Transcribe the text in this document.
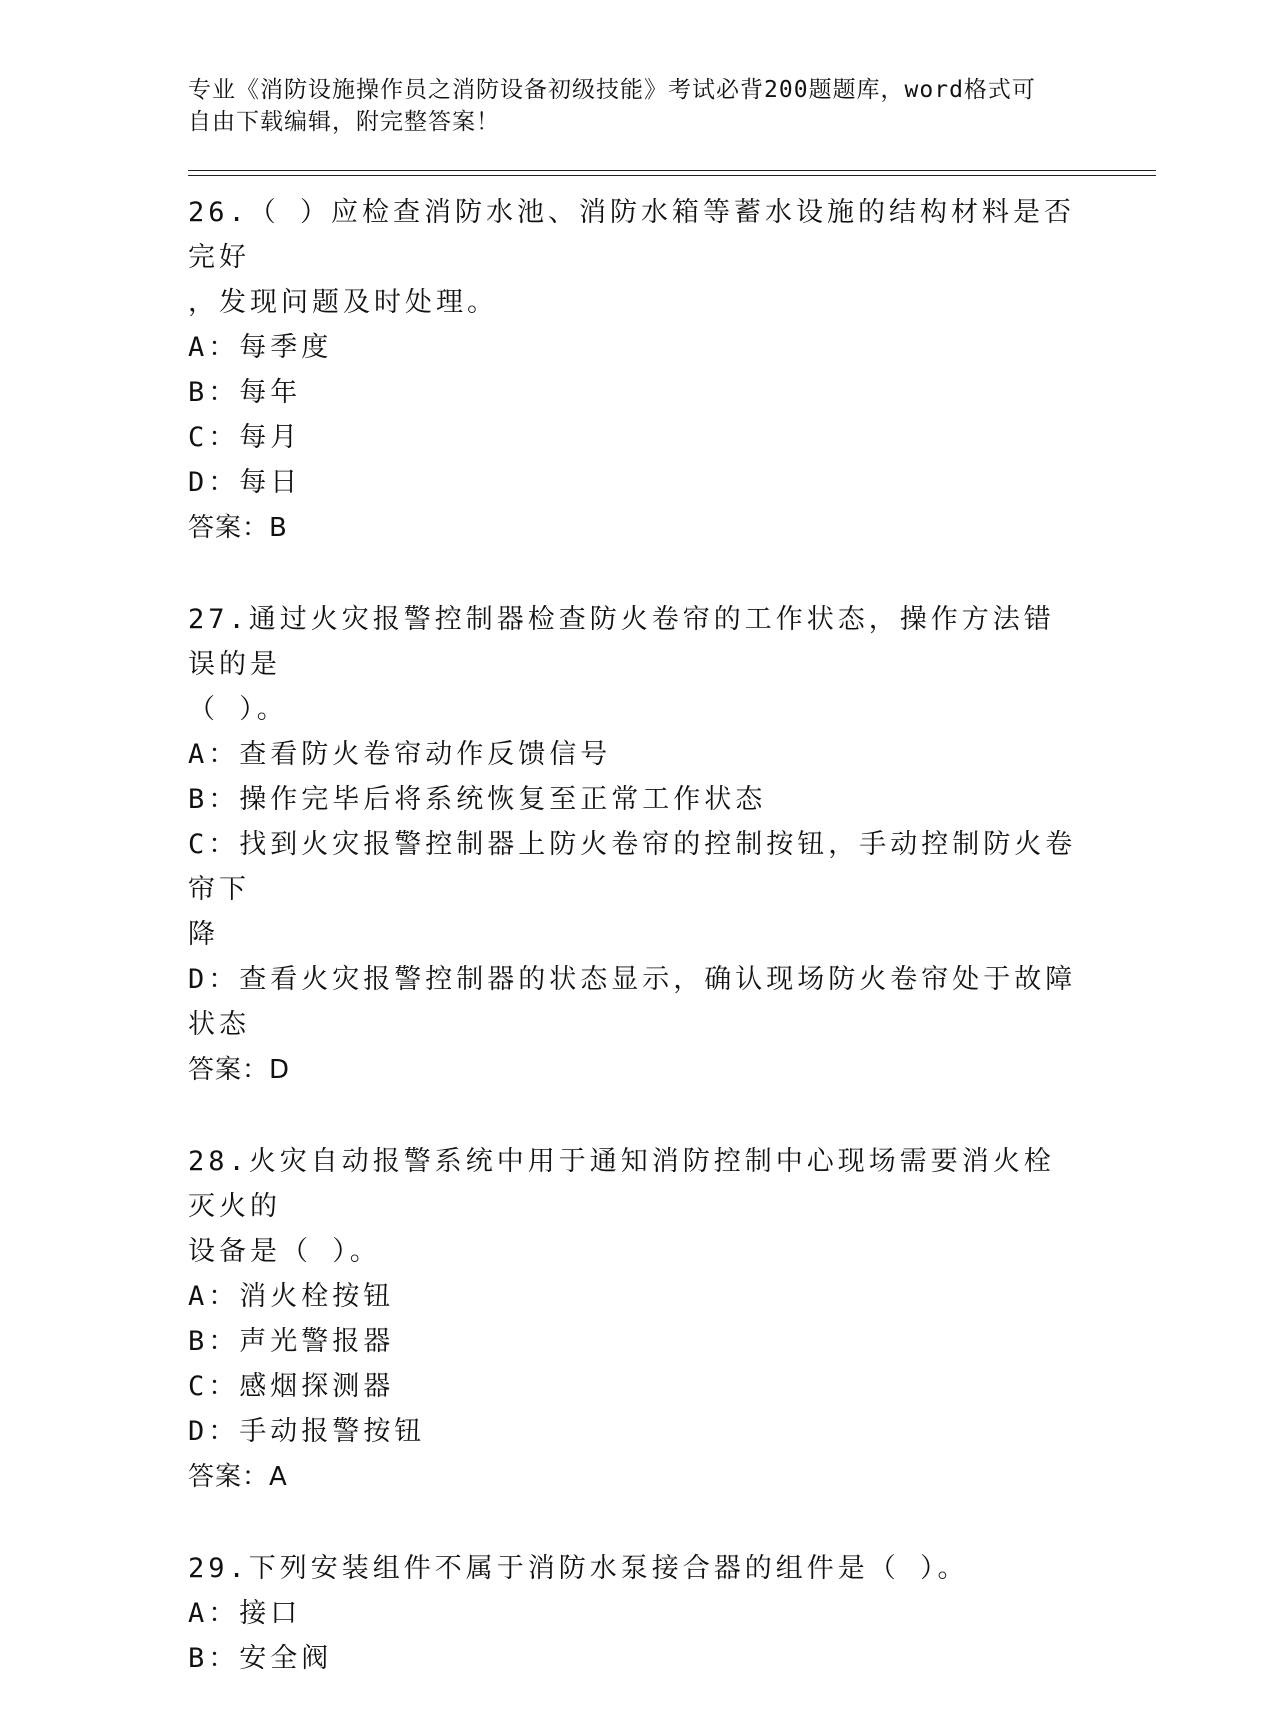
专业《消防设施操作员之消防设备初级技能》考试必背200题题库，word格式可
自由下载编辑，附完整答案！

26.（ ）应检查消防水池、消防水箱等蓄水设施的结构材料是否完好

，发现问题及时处理。

A：每季度

B：每年

C：每月

D：每日

答案：B

27.通过火灾报警控制器检查防火卷帘的工作状态，操作方法错误的是

（ ）。

A：查看防火卷帘动作反馈信号

B：操作完毕后将系统恢复至正常工作状态

C：找到火灾报警控制器上防火卷帘的控制按钮，手动控制防火卷帘下

降

D：查看火灾报警控制器的状态显示，确认现场防火卷帘处于故障状态

答案：D

28.火灾自动报警系统中用于通知消防控制中心现场需要消火栓灭火的

设备是（ ）。

A：消火栓按钮

B：声光警报器

C：感烟探测器

D：手动报警按钮

答案：A

29.下列安装组件不属于消防水泵接合器的组件是（ ）。

A：接口

B：安全阀
